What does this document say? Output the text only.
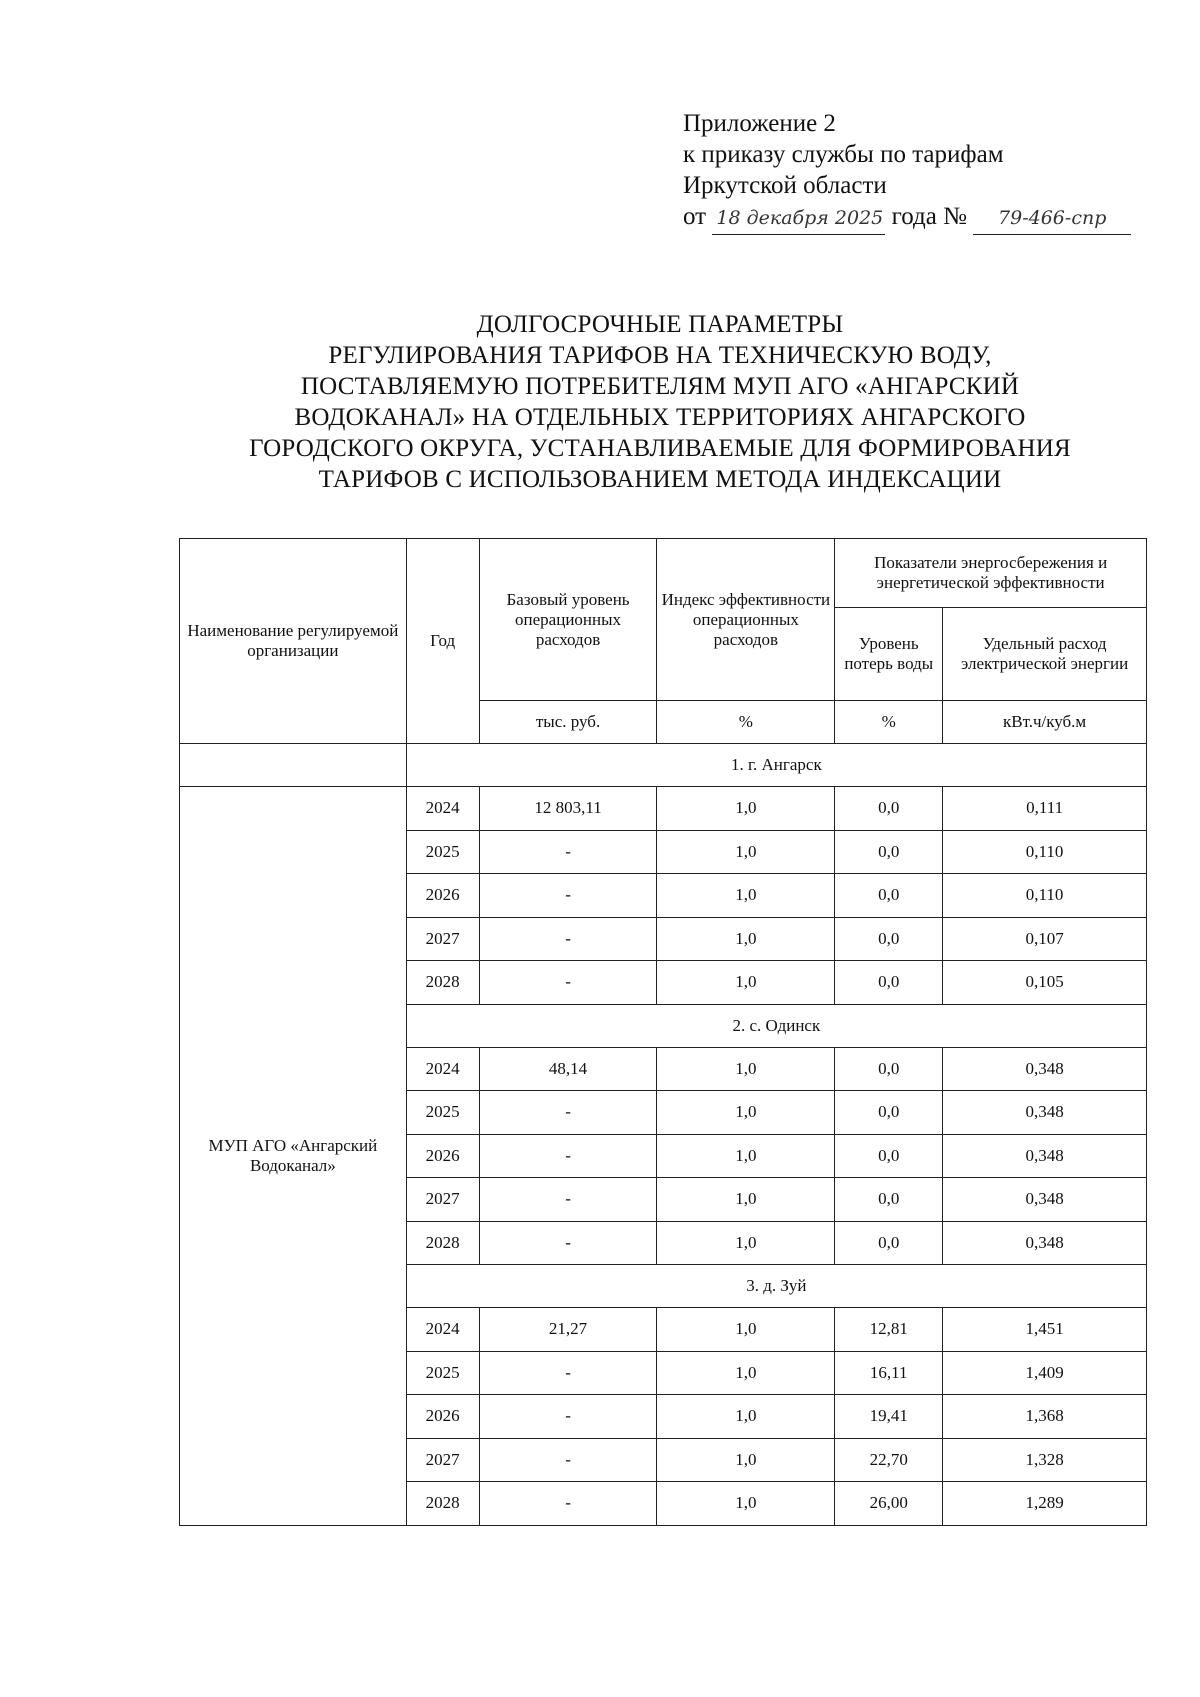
Приложение 2
к приказу службы по тарифам
Иркутской области
от 18 декабря 2025 года № 79-466-спр
ДОЛГОСРОЧНЫЕ ПАРАМЕТРЫ
РЕГУЛИРОВАНИЯ ТАРИФОВ НА ТЕХНИЧЕСКУЮ ВОДУ,
ПОСТАВЛЯЕМУЮ ПОТРЕБИТЕЛЯМ МУП АГО «АНГАРСКИЙ
ВОДОКАНАЛ» НА ОТДЕЛЬНЫХ ТЕРРИТОРИЯХ АНГАРСКОГО
ГОРОДСКОГО ОКРУГА, УСТАНАВЛИВАЕМЫЕ ДЛЯ ФОРМИРОВАНИЯ
ТАРИФОВ С ИСПОЛЬЗОВАНИЕМ МЕТОДА ИНДЕКСАЦИИ
Наименование регулируемой организации	Год	Базовый уровень операционных расходов	Индекс эффективности операционных расходов	Показатели энергосбережения и энергетической эффективности	
				Уровень потерь воды	Удельный расход электрической энергии
		тыс. руб.	%	%	кВт.ч/куб.м
	1. г. Ангарск				
МУП АГО «Ангарский Водоканал»	2024	12 803,11	1,0	0,0	0,111
	2025	-	1,0	0,0	0,110
	2026	-	1,0	0,0	0,110
	2027	-	1,0	0,0	0,107
	2028	-	1,0	0,0	0,105
	2. с. Одинск				
	2024	48,14	1,0	0,0	0,348
	2025	-	1,0	0,0	0,348
	2026	-	1,0	0,0	0,348
	2027	-	1,0	0,0	0,348
	2028	-	1,0	0,0	0,348
	3. д. Зуй				
	2024	21,27	1,0	12,81	1,451
	2025	-	1,0	16,11	1,409
	2026	-	1,0	19,41	1,368
	2027	-	1,0	22,70	1,328
	2028	-	1,0	26,00	1,289
